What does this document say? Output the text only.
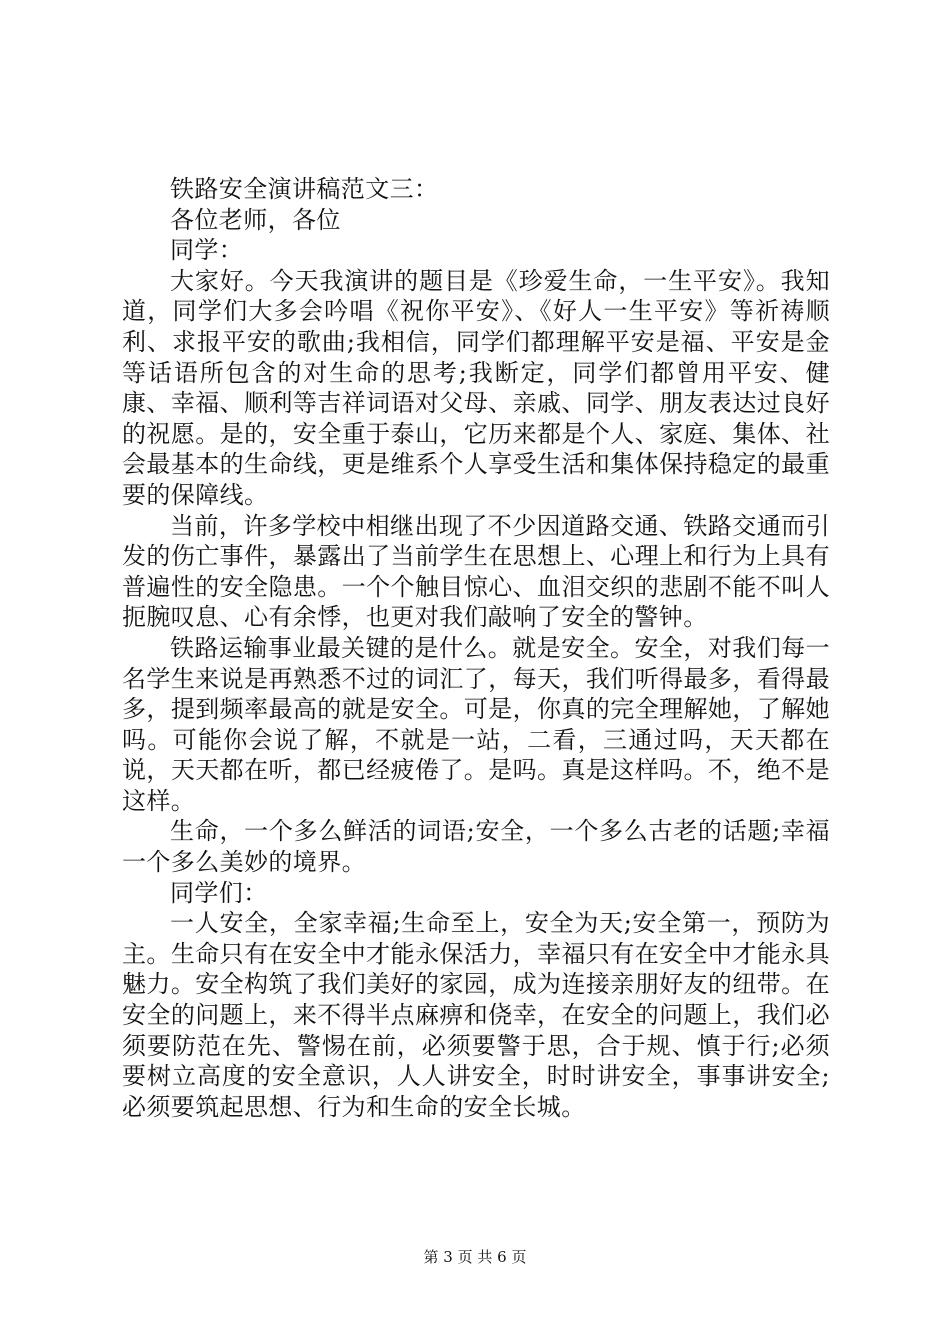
铁路安全演讲稿范文三：

各位老师，各位

同学：

大家好。今天我演讲的题目是《珍爱生命，一生平安》。我知道，同学们大多会吟唱《祝你平安》、《好人一生平安》等祈祷顺利、求报平安的歌曲;我相信，同学们都理解平安是福、平安是金等话语所包含的对生命的思考;我断定，同学们都曾用平安、健康、幸福、顺利等吉祥词语对父母、亲戚、同学、朋友表达过良好的祝愿。是的，安全重于泰山，它历来都是个人、家庭、集体、社会最基本的生命线，更是维系个人享受生活和集体保持稳定的最重要的保障线。

当前，许多学校中相继出现了不少因道路交通、铁路交通而引发的伤亡事件，暴露出了当前学生在思想上、心理上和行为上具有普遍性的安全隐患。一个个触目惊心、血泪交织的悲剧不能不叫人扼腕叹息、心有余悸，也更对我们敲响了安全的警钟。

铁路运输事业最关键的是什么。就是安全。安全，对我们每一名学生来说是再熟悉不过的词汇了，每天，我们听得最多，看得最多，提到频率最高的就是安全。可是，你真的完全理解她，了解她吗。可能你会说了解，不就是一站，二看，三通过吗，天天都在说，天天都在听，都已经疲倦了。是吗。真是这样吗。不，绝不是这样。

生命，一个多么鲜活的词语;安全，一个多么古老的话题;幸福一个多么美妙的境界。

同学们：

一人安全，全家幸福;生命至上，安全为天;安全第一，预防为主。生命只有在安全中才能永保活力，幸福只有在安全中才能永具魅力。安全构筑了我们美好的家园，成为连接亲朋好友的纽带。在安全的问题上，来不得半点麻痹和侥幸，在安全的问题上，我们必须要防范在先、警惕在前，必须要警于思，合于规、慎于行;必须要树立高度的安全意识，人人讲安全，时时讲安全，事事讲安全;必须要筑起思想、行为和生命的安全长城。

第 3 页 共 6 页
